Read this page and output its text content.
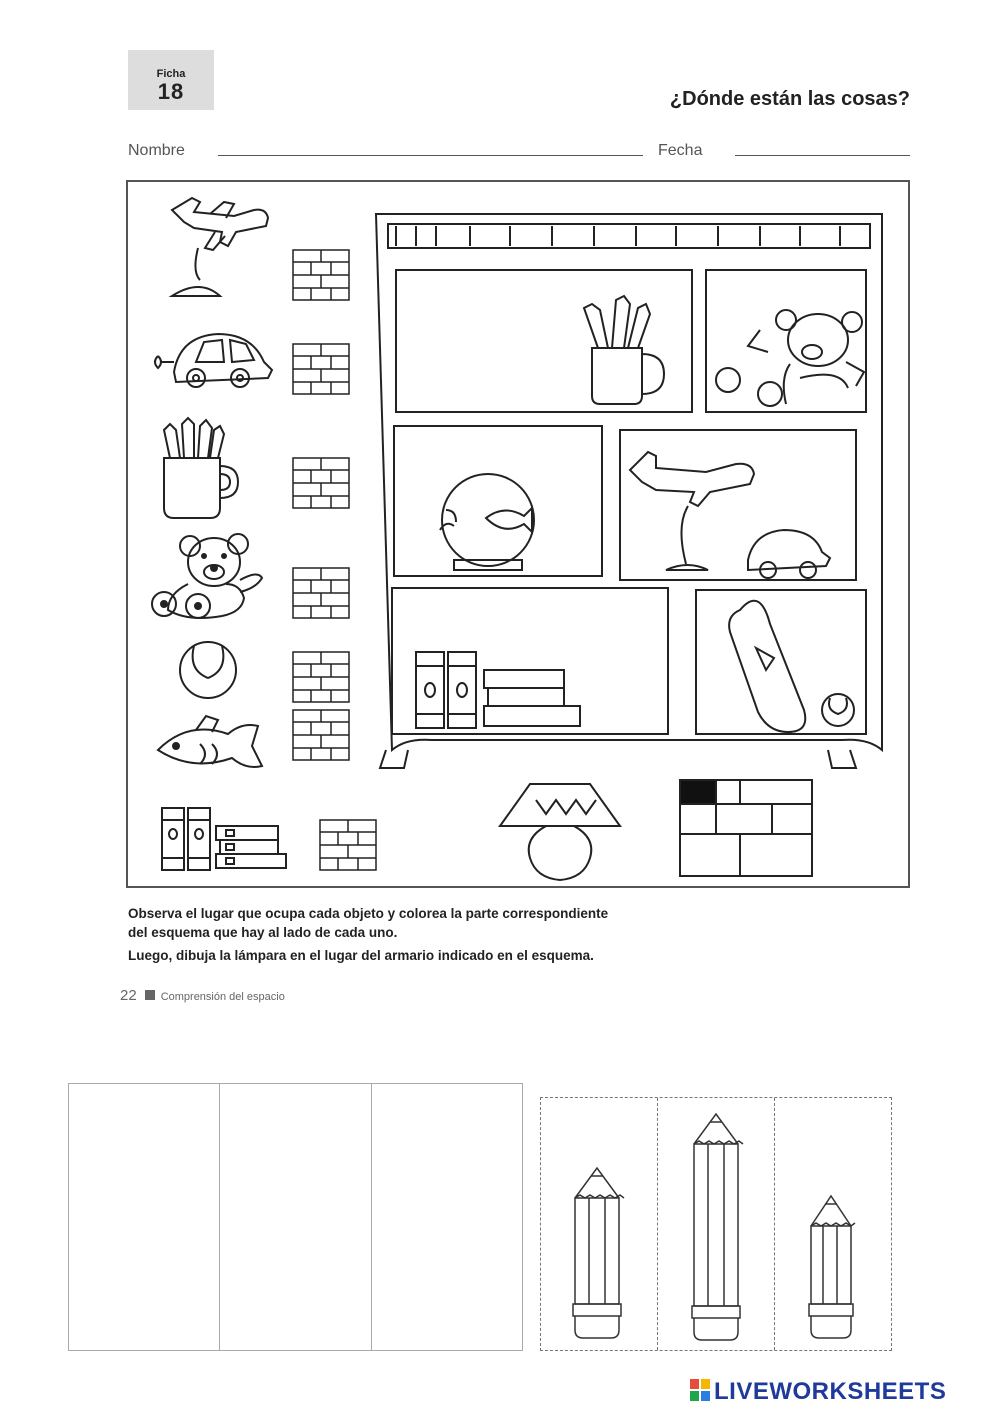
Ficha
18	¿Dónde están las cosas?
Nombre	Fecha

Observa el lugar que ocupa cada objeto y colorea la parte correspondiente

del esquema que hay al lado de cada uno.

Luego, dibuja la lámpara en el lugar del armario indicado en el esquema.

22 Comprensión del espacio
LIVEWORKSHEETS
